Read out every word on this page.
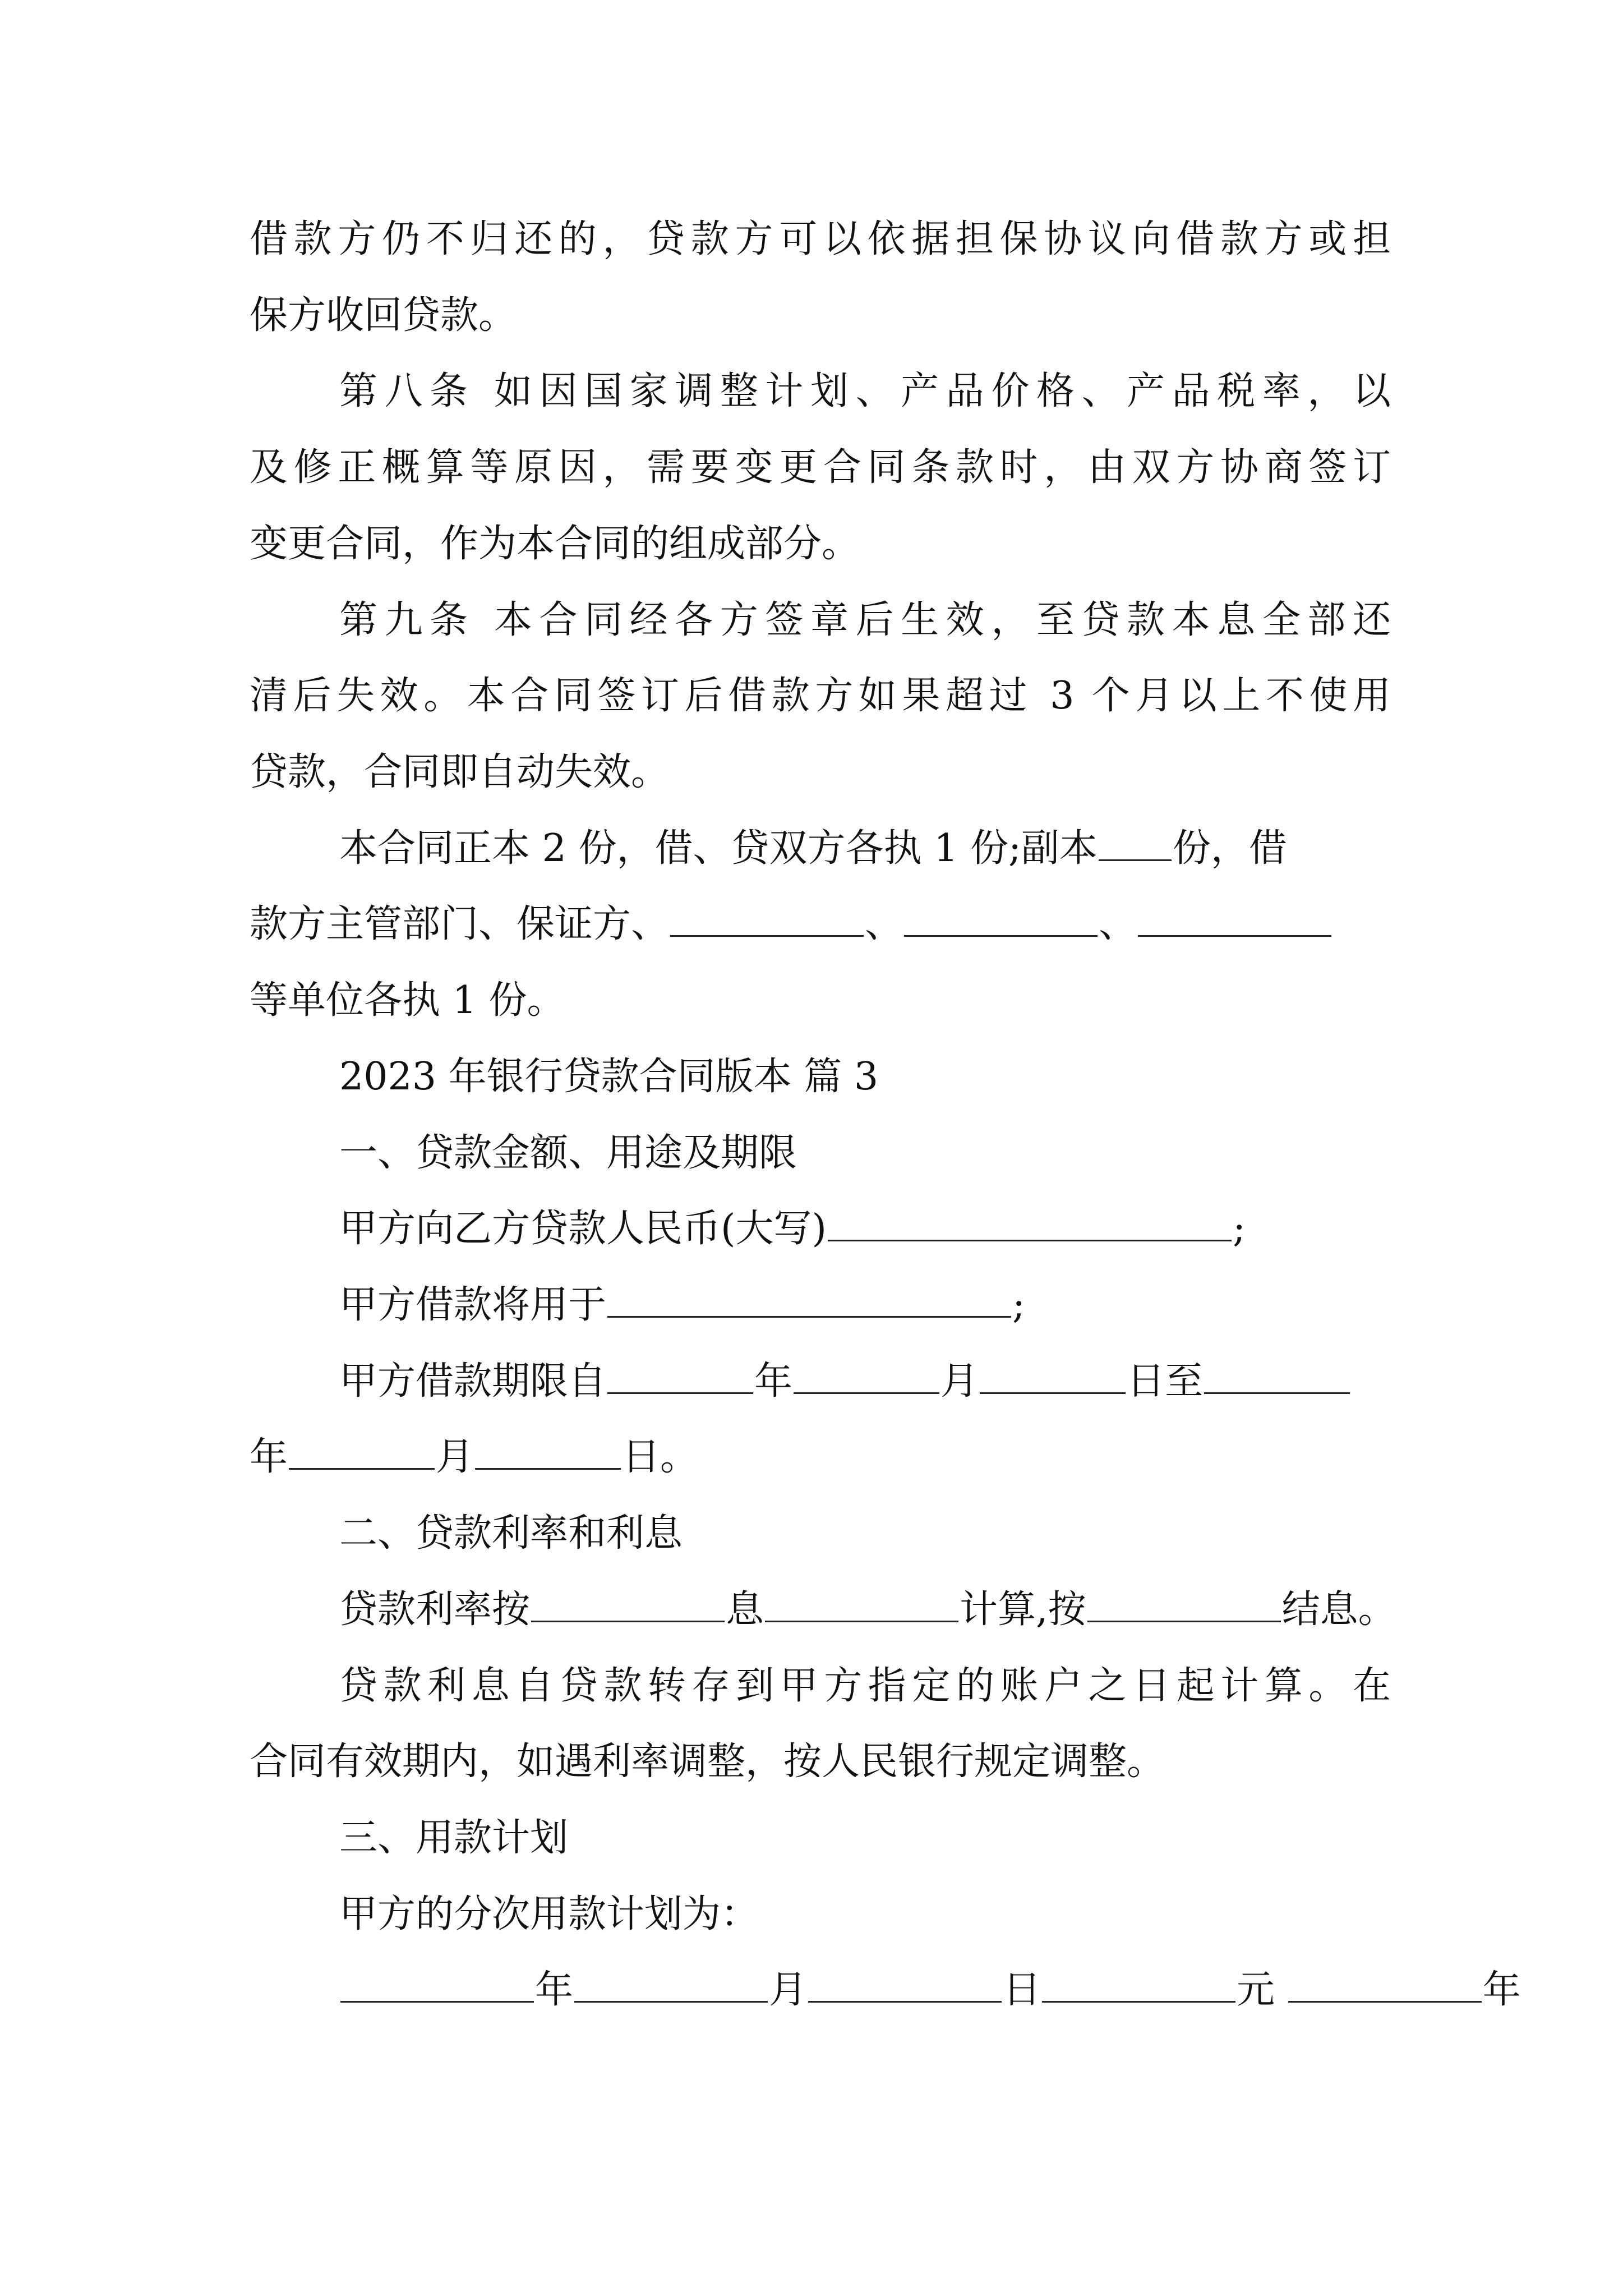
借款方仍不归还的，贷款方可以依据担保协议向借款方或担
保方收回贷款。
第八条 如因国家调整计划、产品价格、产品税率，以
及修正概算等原因，需要变更合同条款时，由双方协商签订
变更合同，作为本合同的组成部分。
第九条 本合同经各方签章后生效，至贷款本息全部还
清后失效。本合同签订后借款方如果超过 3 个月以上不使用
贷款，合同即自动失效。
本合同正本 2 份，借、贷双方各执 1 份;副本 份，借
款方主管部门、保证方、	、	、
等单位各执 1 份。
2023 年银行贷款合同版本 篇 3
一、贷款金额、用途及期限
甲方向乙方贷款人民币(大写)	;
甲方借款将用于	;
甲方借款期限自	年	月	日至
年	月	日。
二、贷款利率和利息
贷款利率按	息	计算,按	结息。
贷款利息自贷款转存到甲方指定的账户之日起计算。在
合同有效期内，如遇利率调整，按人民银行规定调整。
三、用款计划
甲方的分次用款计划为：
年	月	日	元	年
